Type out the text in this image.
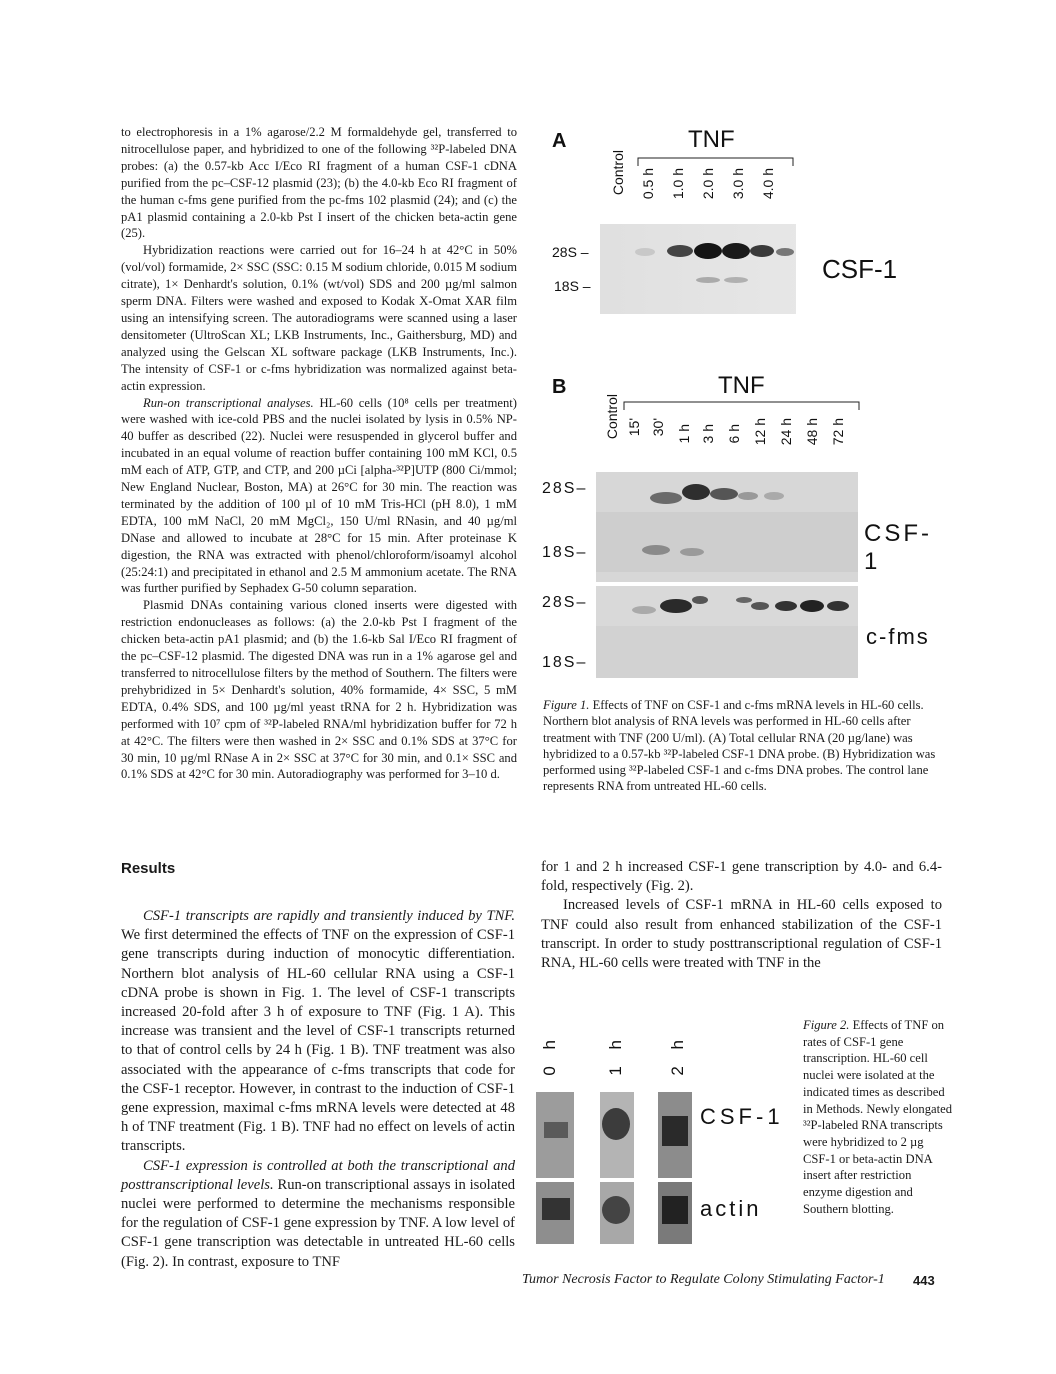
to electrophoresis in a 1% agarose/2.2 M formaldehyde gel, transferred to nitrocellulose paper, and hybridized to one of the following ³²P-labeled DNA probes: (a) the 0.57-kb Acc I/Eco RI fragment of a human CSF-1 cDNA purified from the pc–CSF-12 plasmid (23); (b) the 4.0-kb Eco RI fragment of the human c-fms gene purified from the pc-fms 102 plasmid (24); and (c) the pA1 plasmid containing a 2.0-kb Pst I insert of the chicken beta-actin gene (25).

Hybridization reactions were carried out for 16–24 h at 42°C in 50% (vol/vol) formamide, 2× SSC (SSC: 0.15 M sodium chloride, 0.015 M sodium citrate), 1× Denhardt's solution, 0.1% (wt/vol) SDS and 200 µg/ml salmon sperm DNA. Filters were washed and exposed to Kodak X-Omat XAR film using an intensifying screen. The autoradiograms were scanned using a laser densitometer (UltroScan XL; LKB Instruments, Inc., Gaithersburg, MD) and analyzed using the Gelscan XL software package (LKB Instruments, Inc.). The intensity of CSF-1 or c-fms hybridization was normalized against beta-actin expression.

Run-on transcriptional analyses. HL-60 cells (10⁸ cells per treatment) were washed with ice-cold PBS and the nuclei isolated by lysis in 0.5% NP-40 buffer as described (22). Nuclei were resuspended in glycerol buffer and incubated in an equal volume of reaction buffer containing 100 mM KCl, 0.5 mM each of ATP, GTP, and CTP, and 200 µCi [alpha-³²P]UTP (800 Ci/mmol; New England Nuclear, Boston, MA) at 26°C for 30 min. The reaction was terminated by the addition of 100 µl of 10 mM Tris-HCl (pH 8.0), 1 mM EDTA, 100 mM NaCl, 20 mM MgCl₂, 150 U/ml RNasin, and 40 µg/ml DNase and allowed to incubate at 28°C for 15 min. After proteinase K digestion, the RNA was extracted with phenol/chloroform/isoamyl alcohol (25:24:1) and precipitated in ethanol and 2.5 M ammonium acetate. The RNA was further purified by Sephadex G-50 column separation.

Plasmid DNAs containing various cloned inserts were digested with restriction endonucleases as follows: (a) the 2.0-kb Pst I fragment of the chicken beta-actin pA1 plasmid; and (b) the 1.6-kb Sal I/Eco RI fragment of the pc–CSF-12 plasmid. The digested DNA was run in a 1% agarose gel and transferred to nitrocellulose filters by the method of Southern. The filters were prehybridized in 5× Denhardt's solution, 40% formamide, 4× SSC, 5 mM EDTA, 0.4% SDS, and 100 µg/ml yeast tRNA for 2 h. Hybridization was performed with 10⁷ cpm of ³²P-labeled RNA/ml hybridization buffer for 72 h at 42°C. The filters were then washed in 2× SSC and 0.1% SDS at 37°C for 30 min, 10 µg/ml RNase A in 2× SSC at 37°C for 30 min, and 0.1× SSC and 0.1% SDS at 42°C for 30 min. Autoradiography was performed for 3–10 d.

A	TNF
Control 0.5 h 1.0 h 2.0 h 3.0 h 4.0 h
28S –
18S –
CSF-1
B	TNF
Control 15' 30' 1 h 3 h 6 h 12 h 24 h 48 h 72 h
28S–
18S–
CSF-1
28S–
18S–
c-fms
Figure 1. Effects of TNF on CSF-1 and c-fms mRNA levels in HL-60 cells. Northern blot analysis of RNA levels was performed in HL-60 cells after treatment with TNF (200 U/ml). (A) Total cellular RNA (20 µg/lane) was hybridized to a 0.57-kb ³²P-labeled CSF-1 DNA probe. (B) Hybridization was performed using ³²P-labeled CSF-1 and c-fms DNA probes. The control lane represents RNA from untreated HL-60 cells.
Results

CSF-1 transcripts are rapidly and transiently induced by TNF. We first determined the effects of TNF on the expression of CSF-1 gene transcripts during induction of monocytic differentiation. Northern blot analysis of HL-60 cellular RNA using a CSF-1 cDNA probe is shown in Fig. 1. The level of CSF-1 transcripts increased 20-fold after 3 h of exposure to TNF (Fig. 1 A). This increase was transient and the level of CSF-1 transcripts returned to that of control cells by 24 h (Fig. 1 B). TNF treatment was also associated with the appearance of c-fms transcripts that code for the CSF-1 receptor. However, in contrast to the induction of CSF-1 gene expression, maximal c-fms mRNA levels were detected at 48 h of TNF treatment (Fig. 1 B). TNF had no effect on levels of actin transcripts.

CSF-1 expression is controlled at both the transcriptional and posttranscriptional levels. Run-on transcriptional assays in isolated nuclei were performed to determine the mechanisms responsible for the regulation of CSF-1 gene expression by TNF. A low level of CSF-1 gene transcription was detectable in untreated HL-60 cells (Fig. 2). In contrast, exposure to TNF

for 1 and 2 h increased CSF-1 gene transcription by 4.0- and 6.4-fold, respectively (Fig. 2).

Increased levels of CSF-1 mRNA in HL-60 cells exposed to TNF could also result from enhanced stabilization of the CSF-1 transcript. In order to study posttranscriptional regulation of CSF-1 RNA, HL-60 cells were treated with TNF in the

0 h	1 h	2 h
CSF-1
actin
Figure 2. Effects of TNF on rates of CSF-1 gene transcription. HL-60 cell nuclei were isolated at the indicated times as described in Methods. Newly elongated ³²P-labeled RNA transcripts were hybridized to 2 µg CSF-1 or beta-actin DNA insert after restriction enzyme digestion and Southern blotting.
Tumor Necrosis Factor to Regulate Colony Stimulating Factor-1 443
